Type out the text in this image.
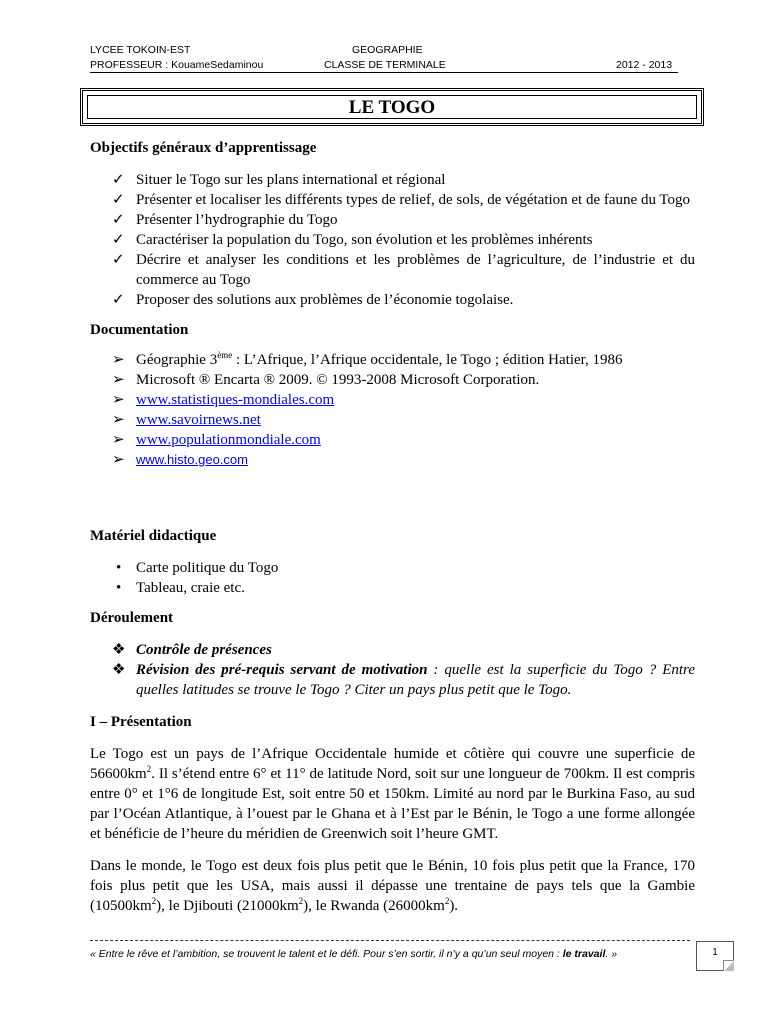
LYCEE TOKOIN-EST	GEOGRAPHIE
PROFESSEUR : KouameSedaminou	CLASSE DE TERMINALE	2012 - 2013
LE TOGO
Objectifs généraux d’apprentissage
✓ Situer le Togo sur les plans international et régional
✓ Présenter et localiser les différents types de relief, de sols, de végétation et de faune du Togo
✓ Présenter l’hydrographie du Togo
✓ Caractériser la population du Togo, son évolution et les problèmes inhérents
✓ Décrire et analyser les conditions et les problèmes de l’agriculture, de l’industrie et du commerce au Togo
✓ Proposer des solutions aux problèmes de l’économie togolaise.
Documentation
➢ Géographie 3ème : L’Afrique, l’Afrique occidentale, le Togo ; édition Hatier, 1986
➢ Microsoft ® Encarta ® 2009. © 1993-2008 Microsoft Corporation.
➢ www.statistiques-mondiales.com
➢ www.savoirnews.net
➢ www.populationmondiale.com
➢ www.histo.geo.com
Matériel didactique
• Carte politique du Togo
• Tableau, craie etc.
Déroulement
❖ Contrôle de présences
❖ Révision des pré-requis servant de motivation : quelle est la superficie du Togo ? Entre quelles latitudes se trouve le Togo ? Citer un pays plus petit que le Togo.
I – Présentation

Le Togo est un pays de l’Afrique Occidentale humide et côtière qui couvre une superficie de $56600km^2$. Il s’étend entre 6° et 11° de latitude Nord, soit sur une longueur de 700km. Il est compris entre 0° et 1°6 de longitude Est, soit entre 50 et 150km. Limité au nord par le Burkina Faso, au sud par l’Océan Atlantique, à l’ouest par le Ghana et à l’Est par le Bénin, le Togo a une forme allongée et bénéficie de l’heure du méridien de Greenwich soit l’heure GMT.

Dans le monde, le Togo est deux fois plus petit que le Bénin, 10 fois plus petit que la France, 170 fois plus petit que les USA, mais aussi il dépasse une trentaine de pays tels que la Gambie $(10500km^2)$, le Djibouti $(21000km^2)$, le Rwanda $(26000km^2)$.

« Entre le rêve et l’ambition, se trouvent le talent et le défi. Pour s’en sortir, il n’y a qu’un seul moyen : le travail. »	1
